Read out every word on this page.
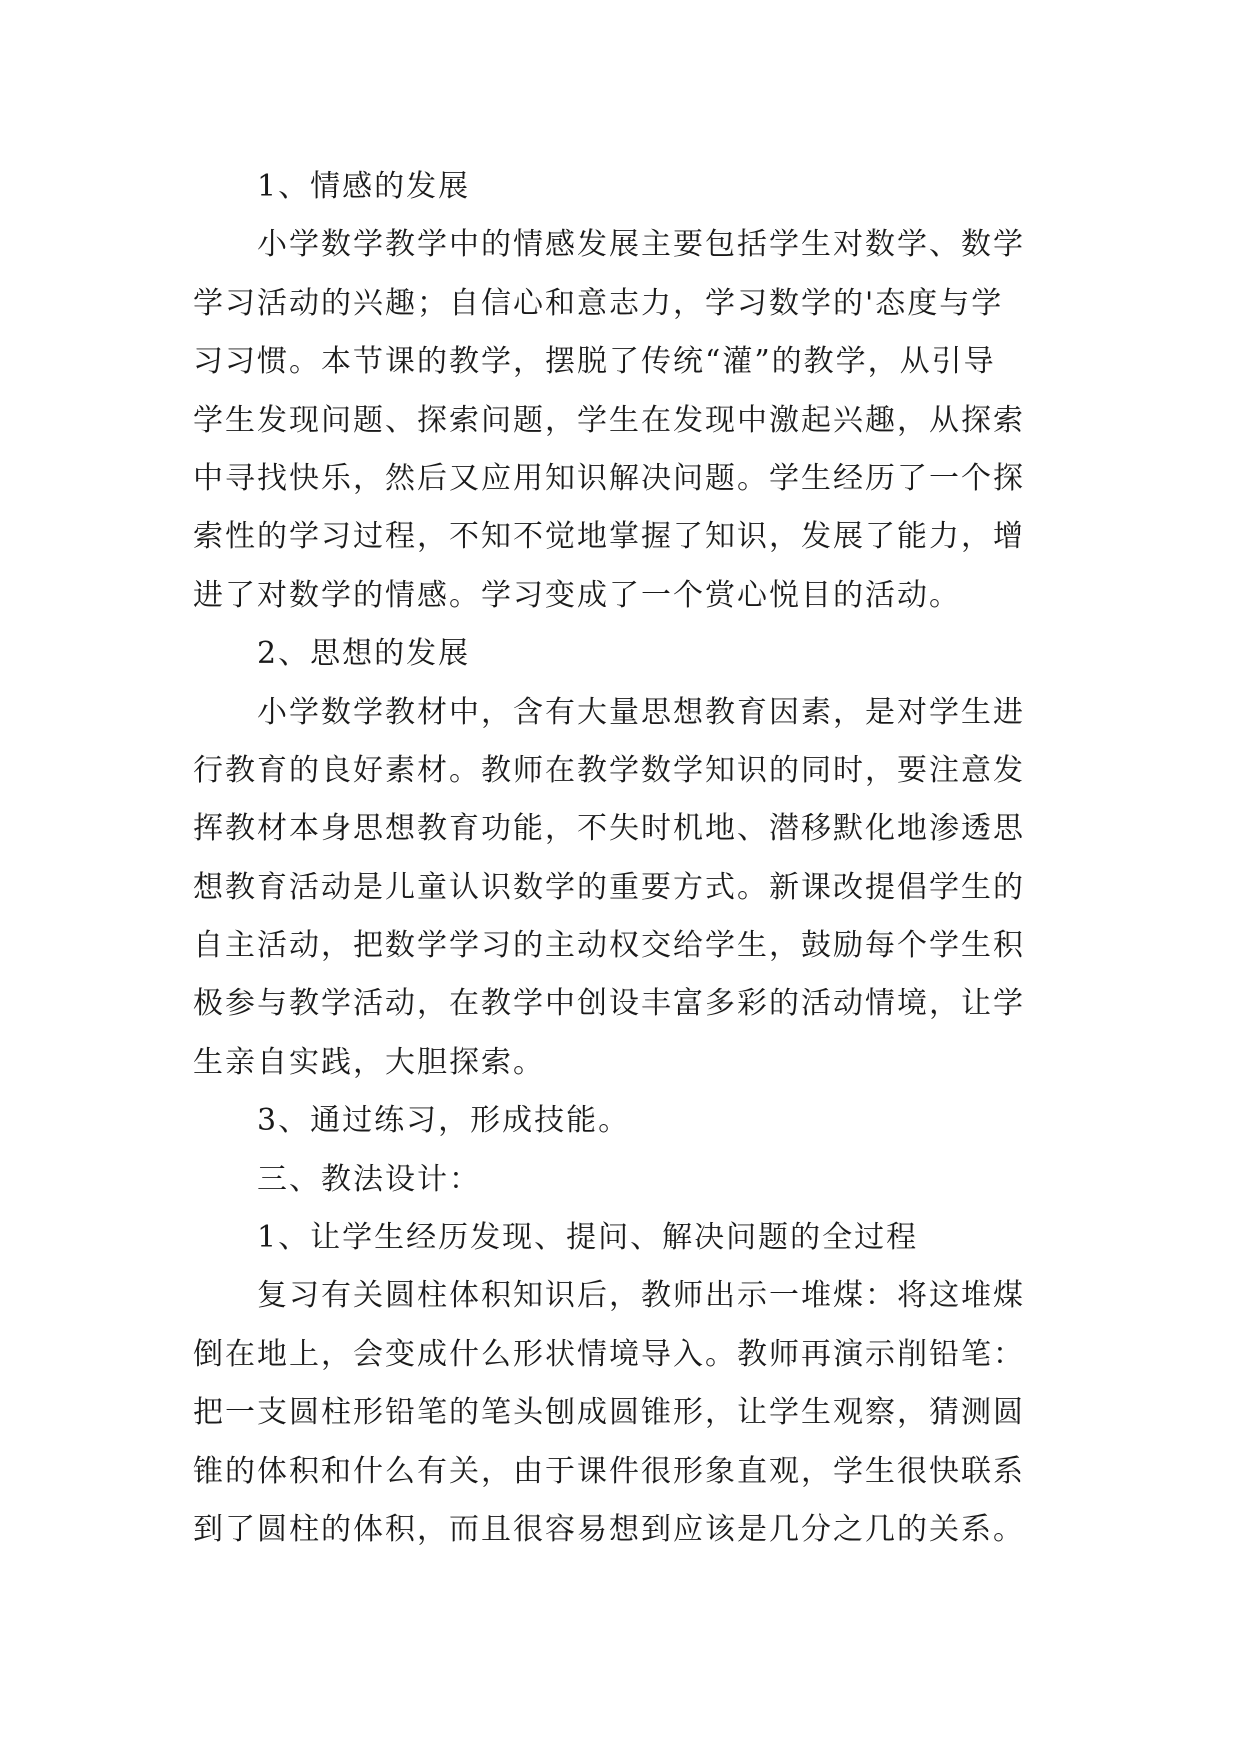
1、情感的发展
小学数学教学中的情感发展主要包括学生对数学、数学
学习活动的兴趣；自信心和意志力，学习数学的'态度与学
习习惯。本节课的教学，摆脱了传统“灌”的教学，从引导
学生发现问题、探索问题，学生在发现中激起兴趣，从探索
中寻找快乐，然后又应用知识解决问题。学生经历了一个探
索性的学习过程，不知不觉地掌握了知识，发展了能力，增
进了对数学的情感。学习变成了一个赏心悦目的活动。
2、思想的发展
小学数学教材中，含有大量思想教育因素，是对学生进
行教育的良好素材。教师在教学数学知识的同时，要注意发
挥教材本身思想教育功能，不失时机地、潜移默化地渗透思
想教育活动是儿童认识数学的重要方式。新课改提倡学生的
自主活动，把数学学习的主动权交给学生，鼓励每个学生积
极参与教学活动，在教学中创设丰富多彩的活动情境，让学
生亲自实践，大胆探索。
3、通过练习，形成技能。
三、教法设计：
1、让学生经历发现、提问、解决问题的全过程
复习有关圆柱体积知识后，教师出示一堆煤：将这堆煤
倒在地上，会变成什么形状情境导入。教师再演示削铅笔：
把一支圆柱形铅笔的笔头刨成圆锥形，让学生观察，猜测圆
锥的体积和什么有关，由于课件很形象直观，学生很快联系
到了圆柱的体积，而且很容易想到应该是几分之几的关系。
